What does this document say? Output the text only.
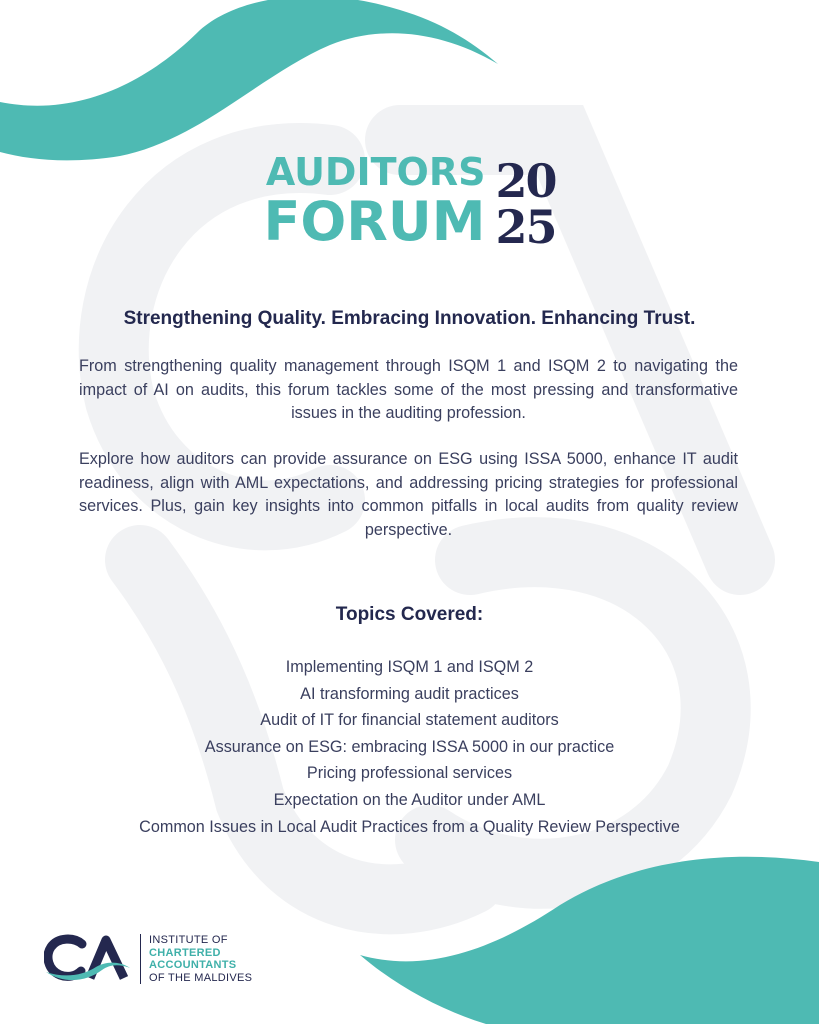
AUDITORS
FORUM
20
25
Strengthening Quality. Embracing Innovation. Enhancing Trust.

From strengthening quality management through ISQM 1 and ISQM 2 to navigating the impact of AI on audits, this forum tackles some of the most pressing and transformative issues in the auditing profession.

Explore how auditors can provide assurance on ESG using ISSA 5000, enhance IT audit readiness, align with AML expectations, and addressing pricing strategies for professional services. Plus, gain key insights into common pitfalls in local audits from quality review perspective.

Topics Covered:
Implementing ISQM 1 and ISQM 2
AI transforming audit practices
Audit of IT for financial statement auditors
Assurance on ESG: embracing ISSA 5000 in our practice
Pricing professional services
Expectation on the Auditor under AML
Common Issues in Local Audit Practices from a Quality Review Perspective
INSTITUTE OF
CHARTERED
ACCOUNTANTS
OF THE MALDIVES
